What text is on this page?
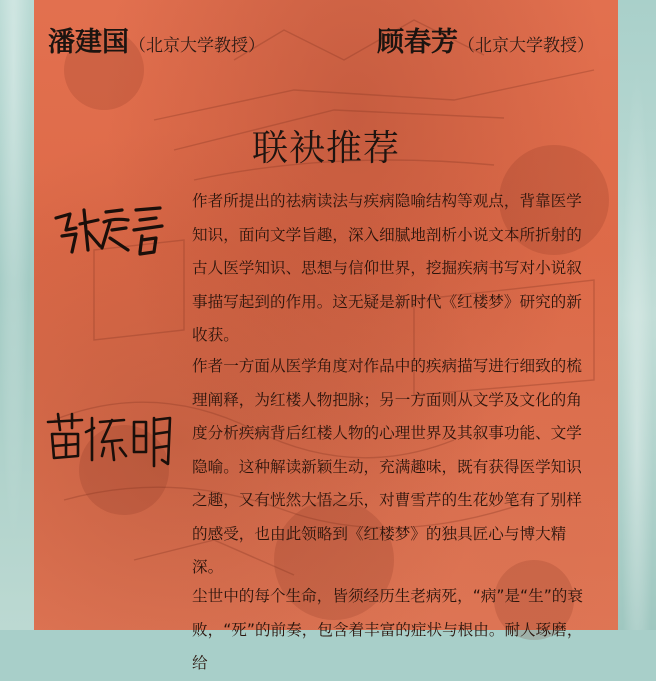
潘建国（北京大学教授）	顾春芳（北京大学教授）
联袂推荐
作者所提出的祛病读法与疾病隐喻结构等观点，背靠医学知识，面向文学旨趣，深入细腻地剖析小说文本所折射的古人医学知识、思想与信仰世界，挖掘疾病书写对小说叙事描写起到的作用。这无疑是新时代《红楼梦》研究的新收获。
作者一方面从医学角度对作品中的疾病描写进行细致的梳理阐释，为红楼人物把脉；另一方面则从文学及文化的角度分析疾病背后红楼人物的心理世界及其叙事功能、文学隐喻。这种解读新颖生动，充满趣味，既有获得医学知识之趣，又有恍然大悟之乐，对曹雪芹的生花妙笔有了别样的感受，也由此领略到《红楼梦》的独具匠心与博大精深。
尘世中的每个生命，皆须经历生老病死，“病”是“生”的衰败，“死”的前奏，包含着丰富的症状与根由。耐人琢磨，给
